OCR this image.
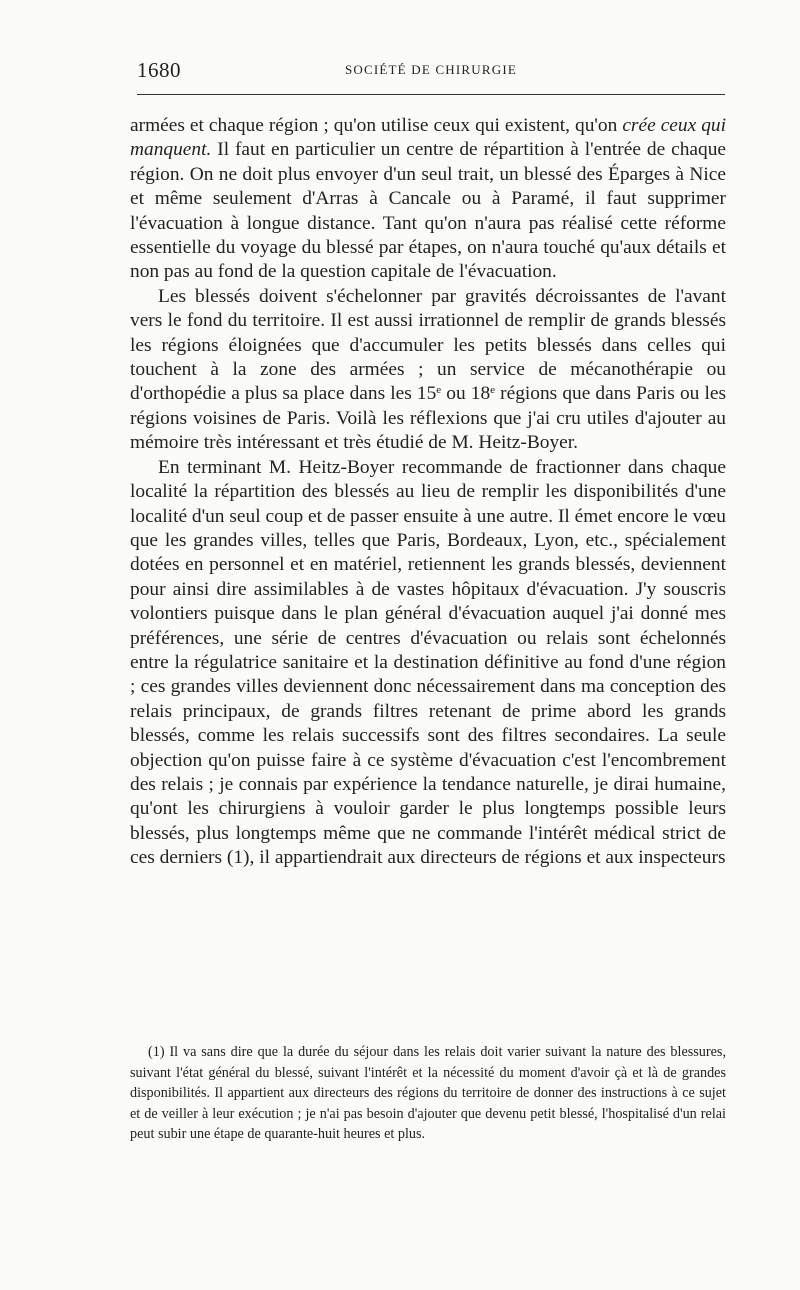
1680	SOCIÉTÉ DE CHIRURGIE

armées et chaque région ; qu'on utilise ceux qui existent, qu'on crée ceux qui manquent. Il faut en particulier un centre de répartition à l'entrée de chaque région. On ne doit plus envoyer d'un seul trait, un blessé des Éparges à Nice et même seulement d'Arras à Cancale ou à Paramé, il faut supprimer l'évacuation à longue distance. Tant qu'on n'aura pas réalisé cette réforme essentielle du voyage du blessé par étapes, on n'aura touché qu'aux détails et non pas au fond de la question capitale de l'évacuation.

Les blessés doivent s'échelonner par gravités décroissantes de l'avant vers le fond du territoire. Il est aussi irrationnel de remplir de grands blessés les régions éloignées que d'accumuler les petits blessés dans celles qui touchent à la zone des armées ; un service de mécanothérapie ou d'orthopédie a plus sa place dans les 15e ou 18e régions que dans Paris ou les régions voisines de Paris. Voilà les réflexions que j'ai cru utiles d'ajouter au mémoire très intéressant et très étudié de M. Heitz-Boyer.

En terminant M. Heitz-Boyer recommande de fractionner dans chaque localité la répartition des blessés au lieu de remplir les disponibilités d'une localité d'un seul coup et de passer ensuite à une autre. Il émet encore le vœu que les grandes villes, telles que Paris, Bordeaux, Lyon, etc., spécialement dotées en personnel et en matériel, retiennent les grands blessés, deviennent pour ainsi dire assimilables à de vastes hôpitaux d'évacuation. J'y souscris volontiers puisque dans le plan général d'évacuation auquel j'ai donné mes préférences, une série de centres d'évacuation ou relais sont échelonnés entre la régulatrice sanitaire et la destination définitive au fond d'une région ; ces grandes villes deviennent donc nécessairement dans ma conception des relais principaux, de grands filtres retenant de prime abord les grands blessés, comme les relais successifs sont des filtres secondaires. La seule objection qu'on puisse faire à ce système d'évacuation c'est l'encombrement des relais ; je connais par expérience la tendance naturelle, je dirai humaine, qu'ont les chirurgiens à vouloir garder le plus longtemps possible leurs blessés, plus longtemps même que ne commande l'intérêt médical strict de ces derniers (1), il appartiendrait aux directeurs de régions et aux inspecteurs

(1) Il va sans dire que la durée du séjour dans les relais doit varier suivant la nature des blessures, suivant l'état général du blessé, suivant l'intérêt et la nécessité du moment d'avoir çà et là de grandes disponibilités. Il appartient aux directeurs des régions du territoire de donner des instructions à ce sujet et de veiller à leur exécution ; je n'ai pas besoin d'ajouter que devenu petit blessé, l'hospitalisé d'un relai peut subir une étape de quarante-huit heures et plus.
